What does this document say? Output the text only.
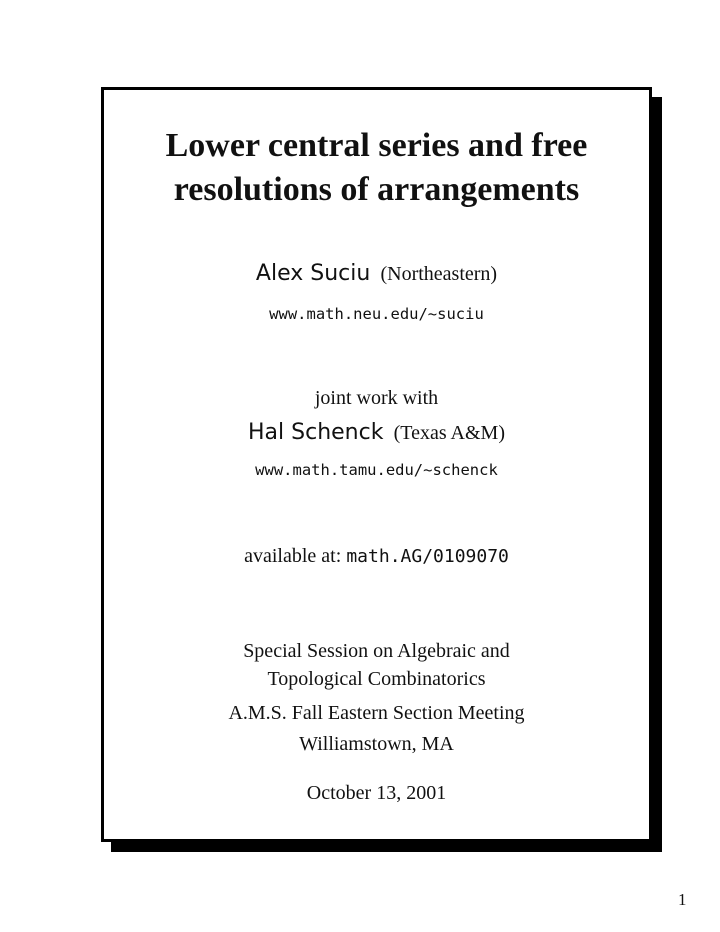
Lower central series and free
resolutions of arrangements
Alex Suciu (Northeastern)
www.math.neu.edu/~suciu
joint work with
Hal Schenck (Texas A&M)
www.math.tamu.edu/~schenck
available at: math.AG/0109070
Special Session on Algebraic and
Topological Combinatorics
A.M.S. Fall Eastern Section Meeting
Williamstown, MA
October 13, 2001
1
